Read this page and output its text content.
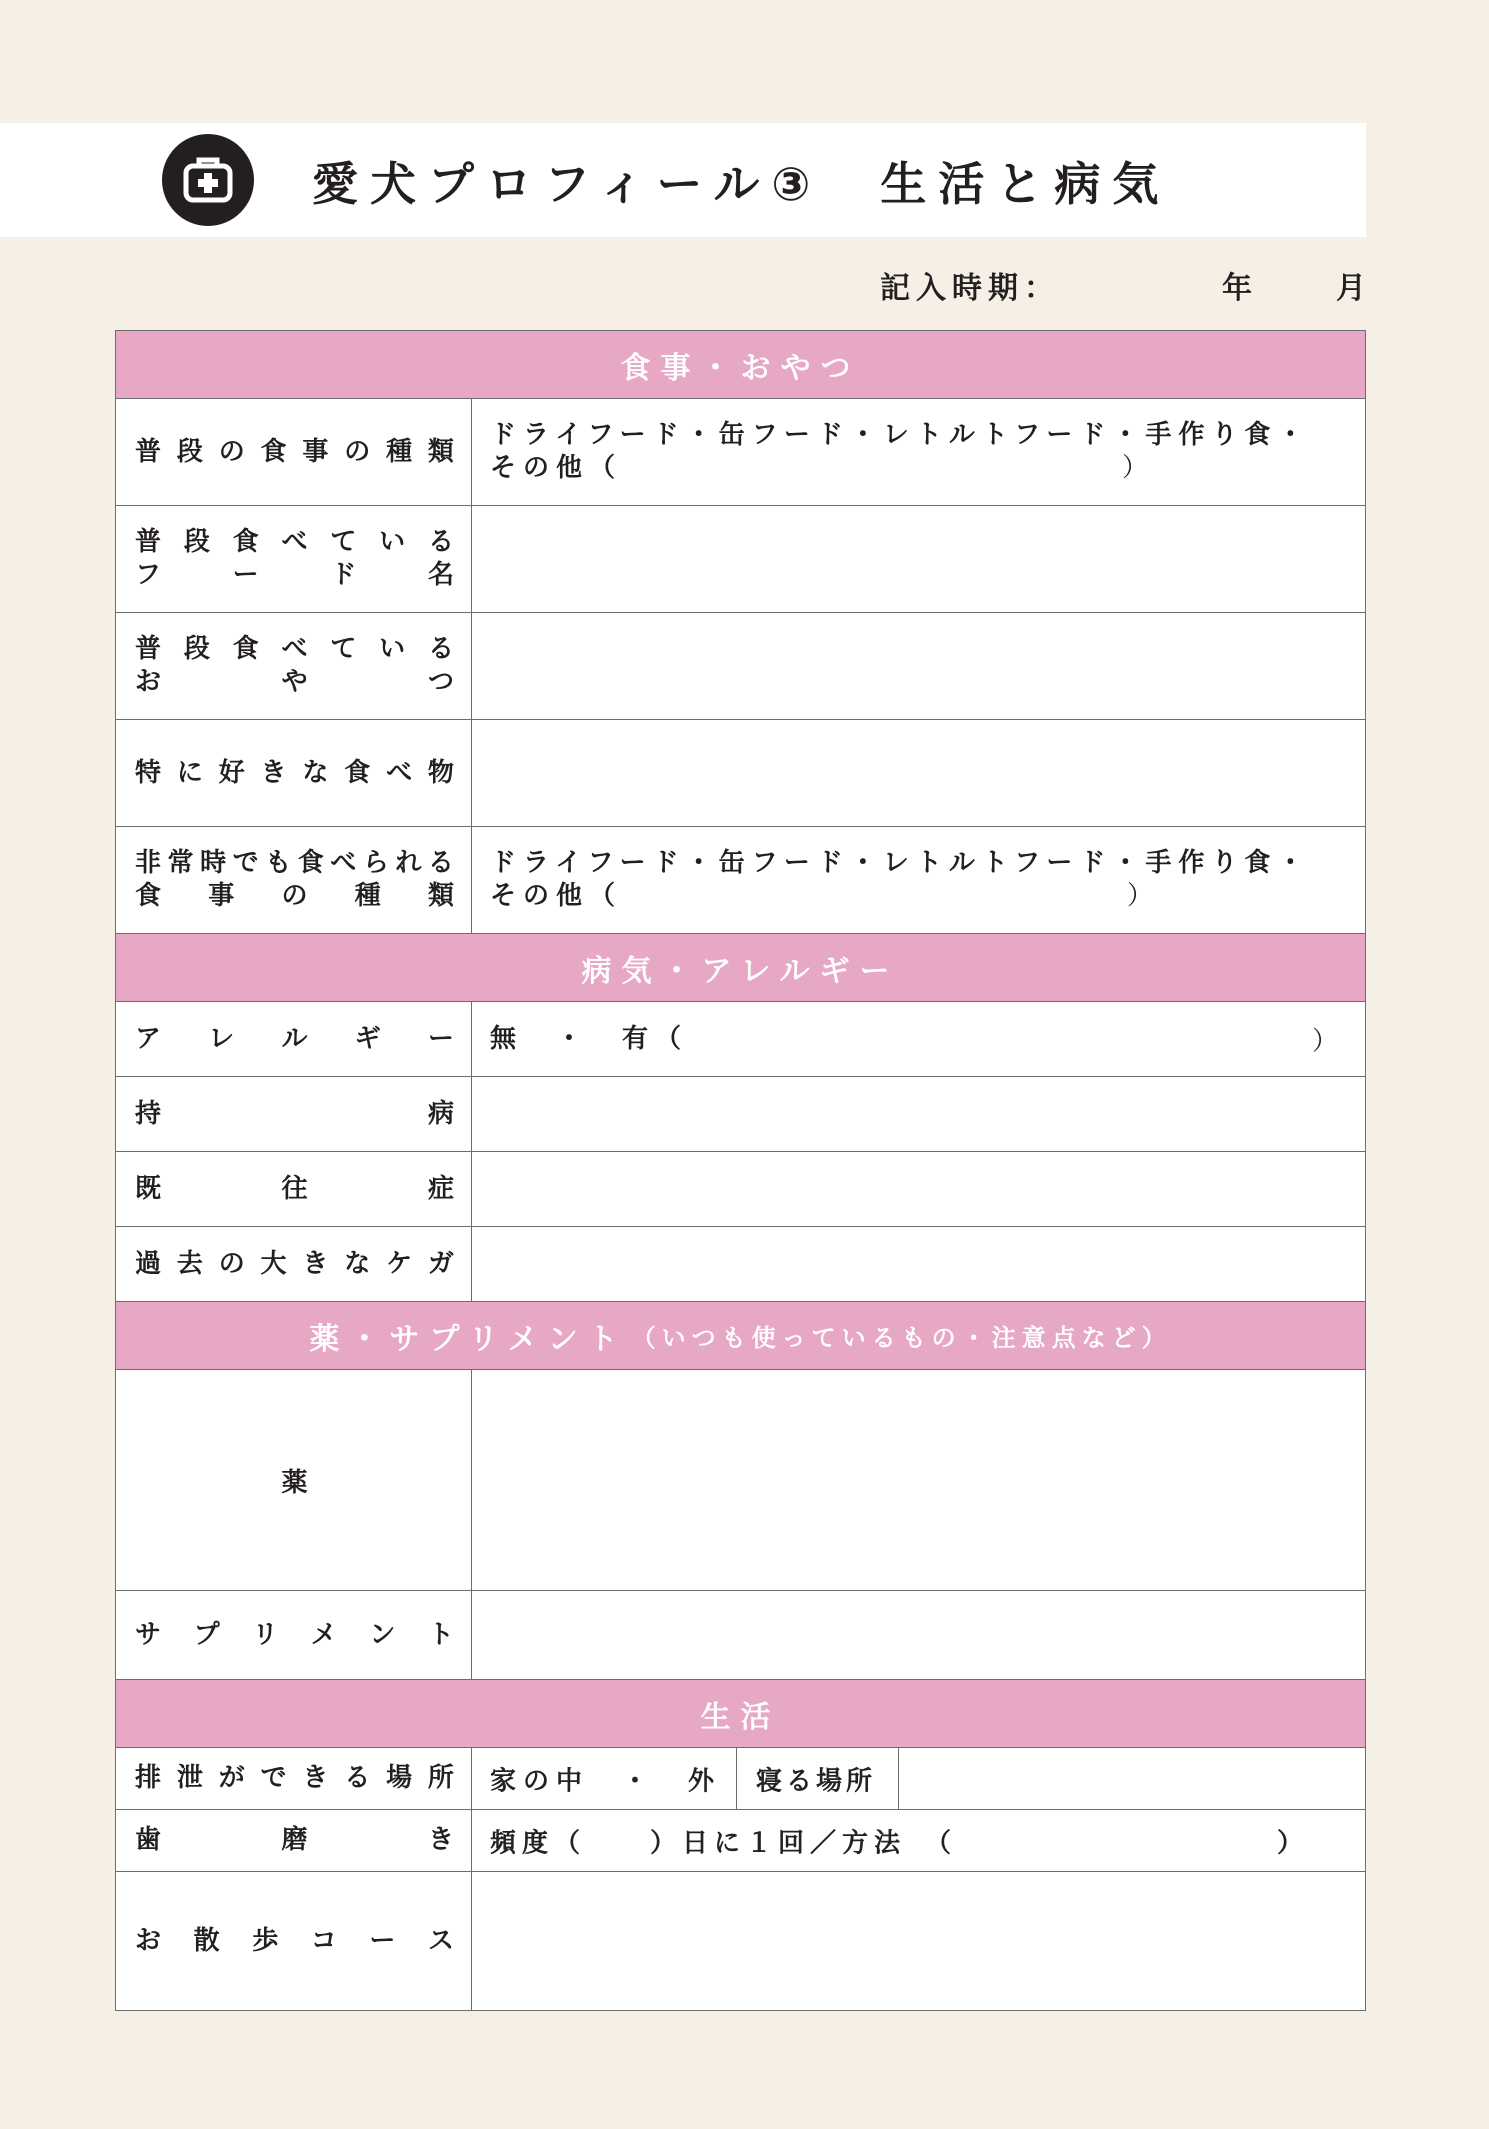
愛犬プロフィール③　生活と病気
記入時期：	年	月
食事・おやつ
普 段 の 食 事 の 種 類
ドライフード・缶フード・レトルトフード・手作り食・
その他（	）
普 段 食 べ て い る
フ	ー	ド	名
普 段 食 べ て い る
お	や	つ
特 に 好 き な 食 べ 物
非 常 時 で も 食 べ ら れ る
食 事 の 種 類
ドライフード・缶フード・レトルトフード・手作り食・
その他（	）
病気・アレルギー
ア レ ル ギ ー 無　・　有（	）
持	病
既	往	症
過 去 の 大 き な ケ ガ
薬・サプリメント （いつも使っているもの・注意点など）
薬
サ プ リ メ ン ト
生活
排 泄 が で き る 場 所 家の中　・　外 寝る場所
歯	磨	き 頻度（　　）日に１回／方法　（　　　　　　　　　　）
お 散 歩 コ ー ス
